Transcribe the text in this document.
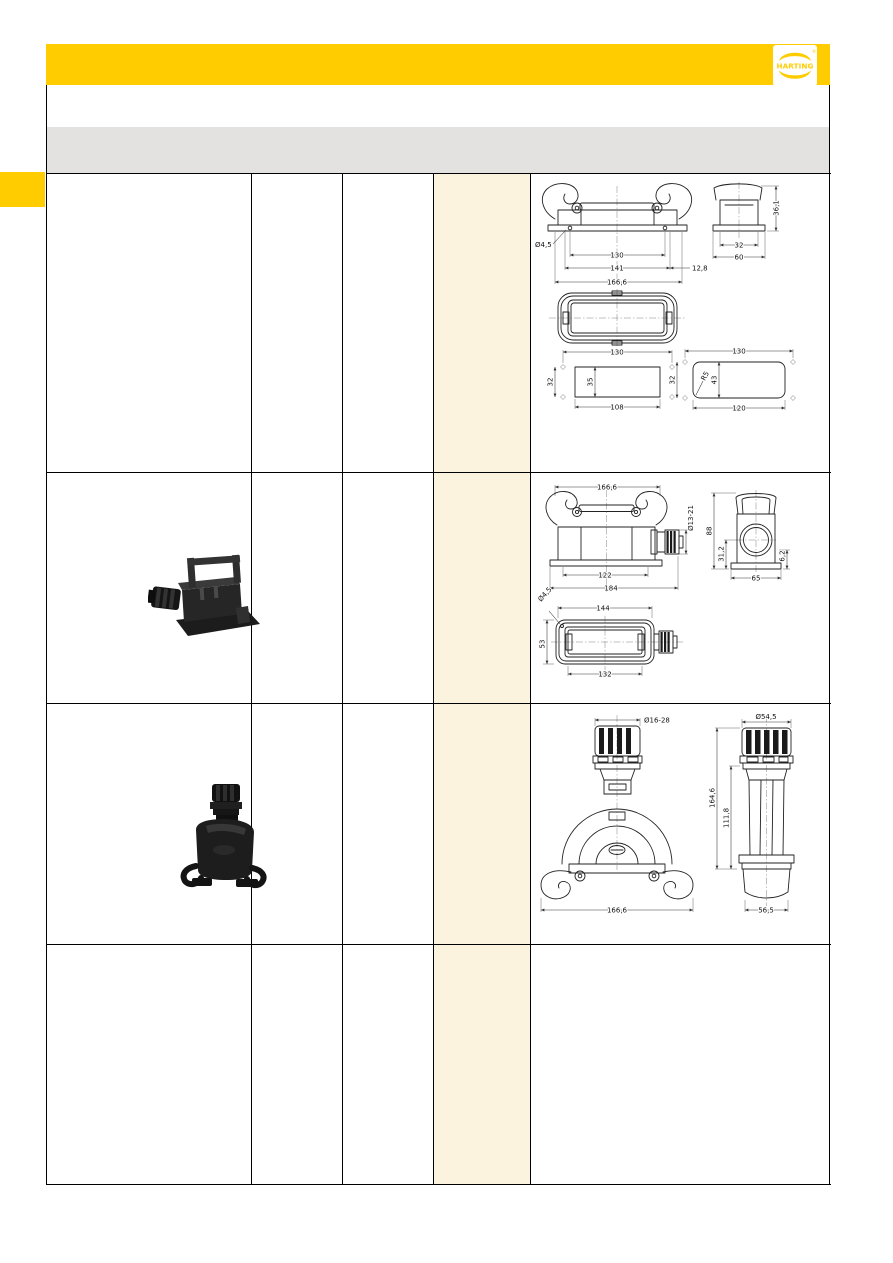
HARTING
®
130
141	12,8
166,6
Ø4,5
36,1
32
60
130
32	35
108
130
32	43
R5
120
166,6
Ø13-21
122
184
88
31,2
65
6,2
Ø4,5
144
53
132
Ø16-28
166,6
Ø54,5
164,6
111,8
56,5
